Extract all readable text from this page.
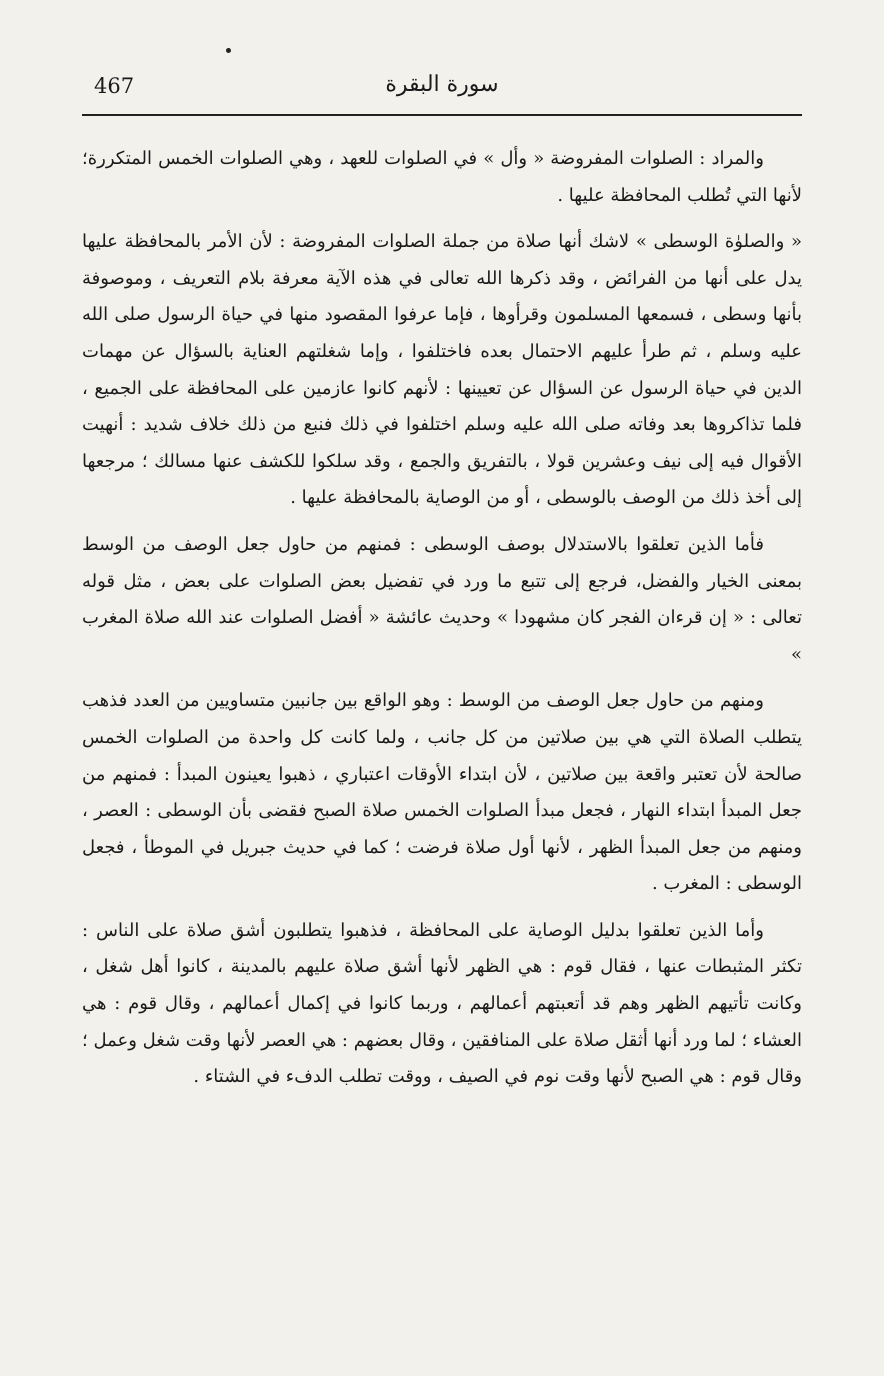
467	سورة البقرة

والمراد : الصلوات المفروضة « وأل » في الصلوات للعهد ، وهي الصلوات الخمس المتكررة؛ لأنها التي تُطلب المحافظة عليها .

« والصلوٰة الوسطى » لاشك أنها صلاة من جملة الصلوات المفروضة : لأن الأمر بالمحافظة عليها يدل على أنها من الفرائض ، وقد ذكرها الله تعالى في هذه الآية معرفة بلام التعريف ، وموصوفة بأنها وسطى ، فسمعها المسلمون وقرأوها ، فإما عرفوا المقصود منها في حياة الرسول صلى الله عليه وسلم ، ثم طرأ عليهم الاحتمال بعده فاختلفوا ، وإما شغلتهم العناية بالسؤال عن مهمات الدين في حياة الرسول عن السؤال عن تعيينها : لأنهم كانوا عازمين على المحافظة على الجميع ، فلما تذاكروها بعد وفاته صلى الله عليه وسلم اختلفوا في ذلك فنبع من ذلك خلاف شديد : أنهيت الأقوال فيه إلى نيف وعشرين قولا ، بالتفريق والجمع ، وقد سلكوا للكشف عنها مسالك ؛ مرجعها إلى أخذ ذلك من الوصف بالوسطى ، أو من الوصاية بالمحافظة عليها .

فأما الذين تعلقوا بالاستدلال بوصف الوسطى : فمنهم من حاول جعل الوصف من الوسط بمعنى الخيار والفضل، فرجع إلى تتبع ما ورد في تفضيل بعض الصلوات على بعض ، مثل قوله تعالى : « إن قرءان الفجر كان مشهودا » وحديث عائشة « أفضل الصلوات عند الله صلاة المغرب »

ومنهم من حاول جعل الوصف من الوسط : وهو الواقع بين جانبين متساويين من العدد فذهب يتطلب الصلاة التي هي بين صلاتين من كل جانب ، ولما كانت كل واحدة من الصلوات الخمس صالحة لأن تعتبر واقعة بين صلاتين ، لأن ابتداء الأوقات اعتباري ، ذهبوا يعينون المبدأ : فمنهم من جعل المبدأ ابتداء النهار ، فجعل مبدأ الصلوات الخمس صلاة الصبح فقضى بأن الوسطى : العصر ، ومنهم من جعل المبدأ الظهر ، لأنها أول صلاة فرضت ؛ كما في حديث جبريل في الموطأ ، فجعل الوسطى : المغرب .

وأما الذين تعلقوا بدليل الوصاية على المحافظة ، فذهبوا يتطلبون أشق صلاة على الناس : تكثر المثبطات عنها ، فقال قوم : هي الظهر لأنها أشق صلاة عليهم بالمدينة ، كانوا أهل شغل ، وكانت تأتيهم الظهر وهم قد أتعبتهم أعمالهم ، وربما كانوا في إكمال أعمالهم ، وقال قوم : هي العشاء ؛ لما ورد أنها أثقل صلاة على المنافقين ، وقال بعضهم : هي العصر لأنها وقت شغل وعمل ؛ وقال قوم : هي الصبح لأنها وقت نوم في الصيف ، ووقت تطلب الدفء في الشتاء .
